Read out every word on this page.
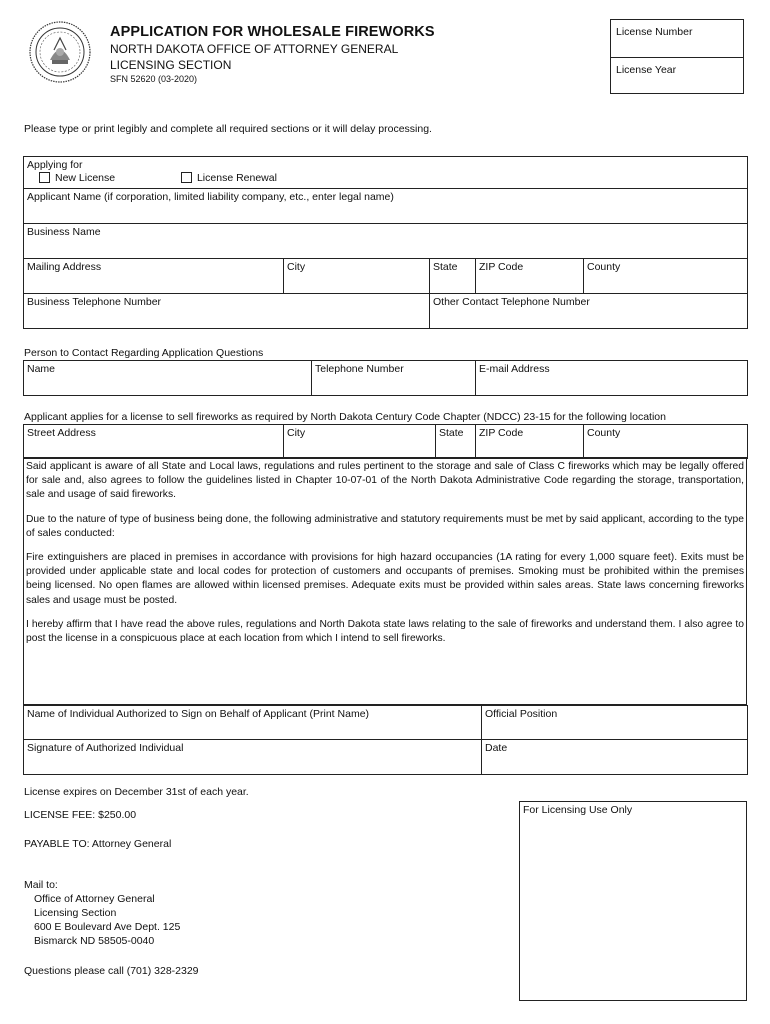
APPLICATION FOR WHOLESALE FIREWORKS
NORTH DAKOTA OFFICE OF ATTORNEY GENERAL
LICENSING SECTION
SFN 52620 (03-2020)
License Number
License Year
Please type or print legibly and complete all required sections or it will delay processing.
Applying for
New License License Renewal				

Applicant Name (if corporation, limited liability company, etc., enter legal name)				
Business Name				
Mailing Address	City	State	ZIP Code	County
Business Telephone Number		Other Contact Telephone Number		
Person to Contact Regarding Application Questions
Name	Telephone Number	E-mail Address
Applicant applies for a license to sell fireworks as required by North Dakota Century Code Chapter (NDCC) 23-15 for the following location
Street Address	City	State	ZIP Code	County

Said applicant is aware of all State and Local laws, regulations and rules pertinent to the storage and sale of Class C fireworks which may be legally offered for sale and, also agrees to follow the guidelines listed in Chapter 10-07-01 of the North Dakota Administrative Code regarding the storage, transportation, sale and usage of said fireworks.

Due to the nature of type of business being done, the following administrative and statutory requirements must be met by said applicant, according to the type of sales conducted:

Fire extinguishers are placed in premises in accordance with provisions for high hazard occupancies (1A rating for every 1,000 square feet). Exits must be provided under applicable state and local codes for protection of customers and occupants of premises. Smoking must be prohibited within the premises being licensed. No open flames are allowed within licensed premises. Adequate exits must be provided within sales areas. State laws concerning fireworks sales and usage must be posted.

I hereby affirm that I have read the above rules, regulations and North Dakota state laws relating to the sale of fireworks and understand them. I also agree to post the license in a conspicuous place at each location from which I intend to sell fireworks.

Name of Individual Authorized to Sign on Behalf of Applicant (Print Name)	Official Position
Signature of Authorized Individual	Date
License expires on December 31st of each year.
LICENSE FEE: $250.00
PAYABLE TO: Attorney General
Mail to:
Office of Attorney General
Licensing Section
600 E Boulevard Ave Dept. 125
Bismarck ND 58505-0040
Questions please call (701) 328-2329
For Licensing Use Only
